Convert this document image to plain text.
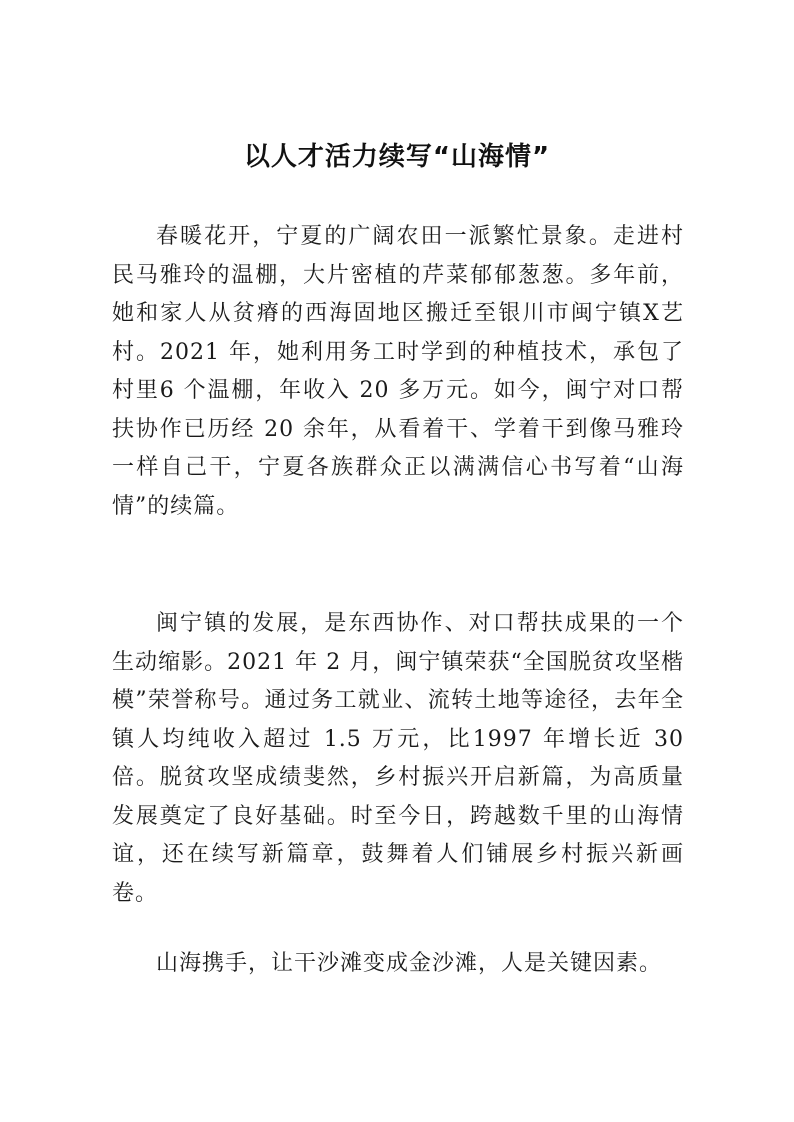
以人才活力续写“山海情”

春暖花开，宁夏的广阔农田一派繁忙景象。走进村民马雅玲的温棚，大片密植的芹菜郁郁葱葱。多年前，她和家人从贫瘠的西海固地区搬迁至银川市闽宁镇X艺村。2021 年，她利用务工时学到的种植技术，承包了村里6 个温棚，年收入 20 多万元。如今，闽宁对口帮扶协作已历经 20 余年，从看着干、学着干到像马雅玲一样自己干，宁夏各族群众正以满满信心书写着“山海情”的续篇。

闽宁镇的发展，是东西协作、对口帮扶成果的一个生动缩影。2021 年 2 月，闽宁镇荣获“全国脱贫攻坚楷模”荣誉称号。通过务工就业、流转土地等途径，去年全镇人均纯收入超过 1.5 万元，比1997 年增长近 30 倍。脱贫攻坚成绩斐然，乡村振兴开启新篇，为高质量发展奠定了良好基础。时至今日，跨越数千里的山海情谊，还在续写新篇章，鼓舞着人们铺展乡村振兴新画卷。

山海携手，让干沙滩变成金沙滩，人是关键因素。
